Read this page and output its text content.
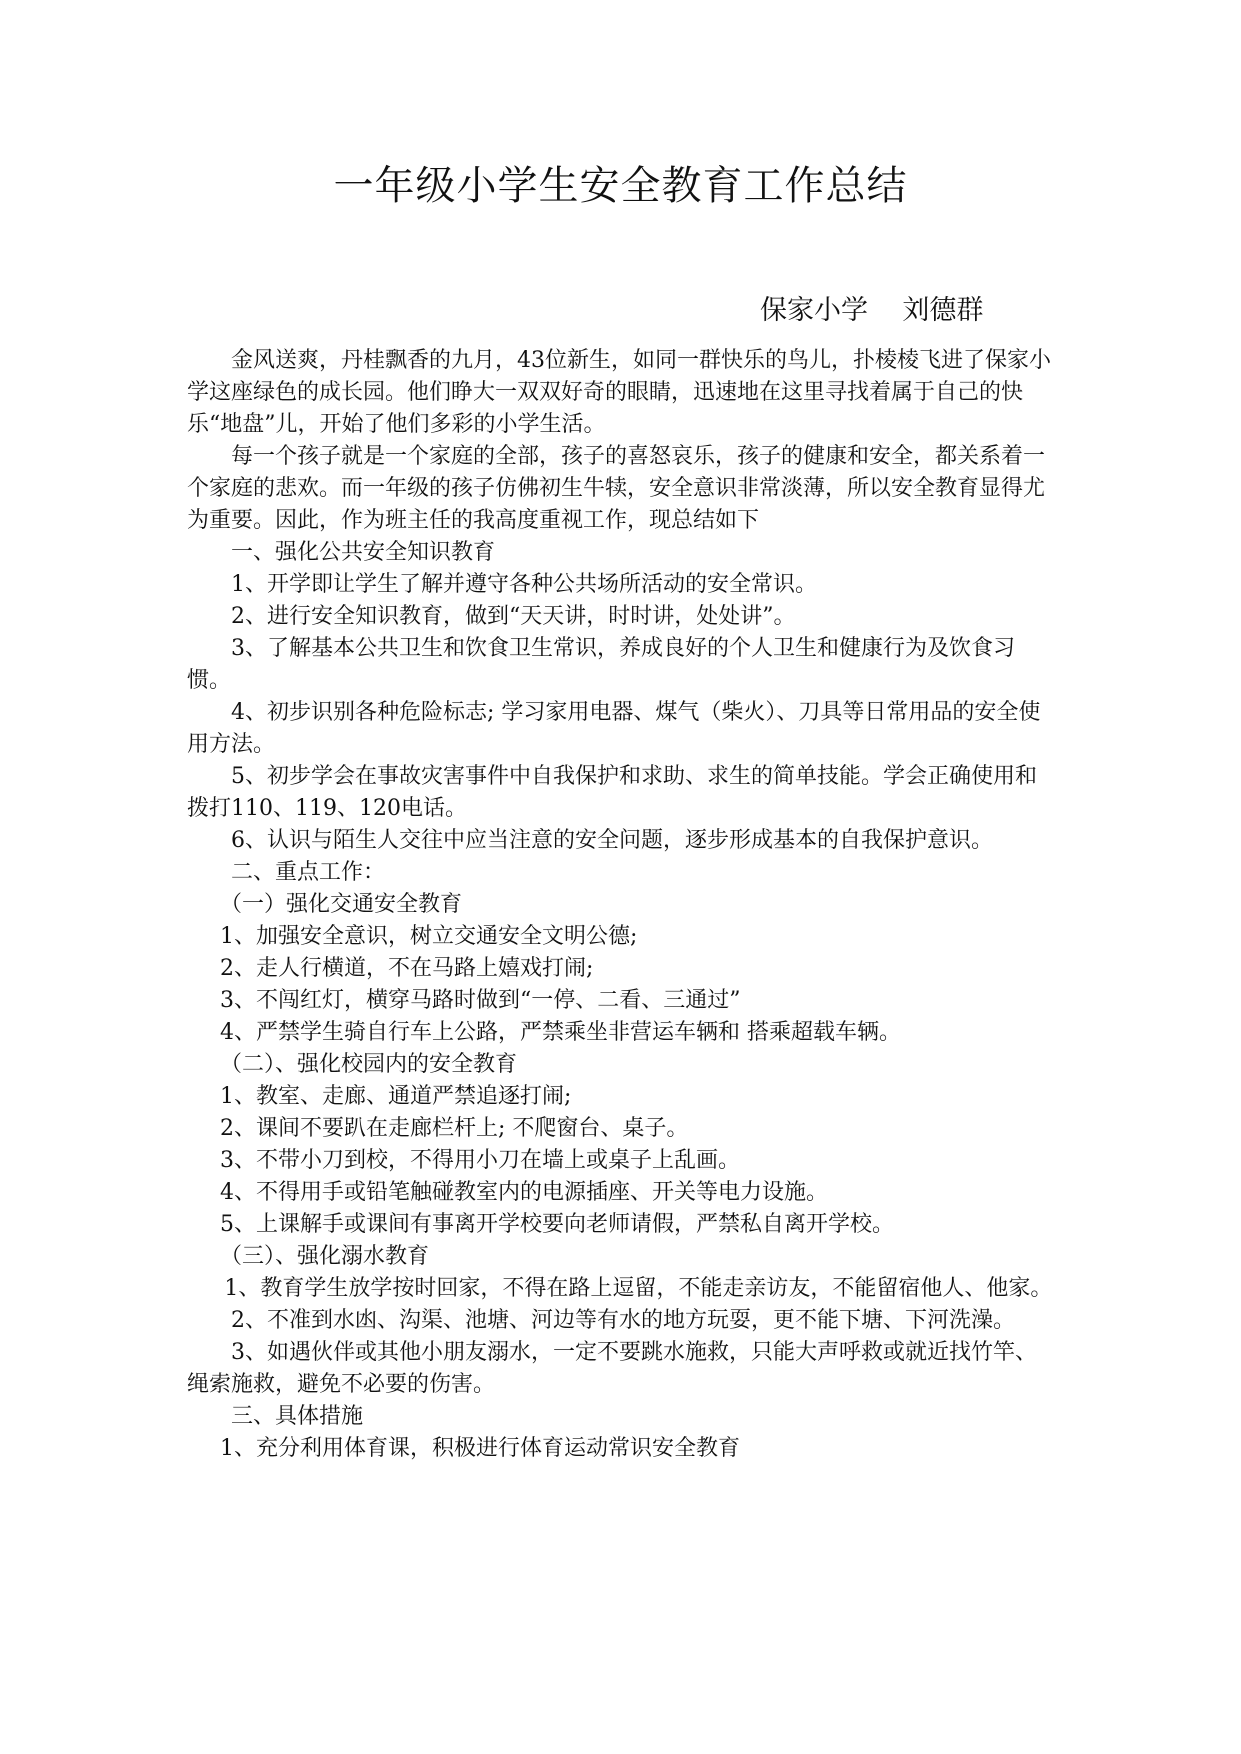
一年级小学生安全教育工作总结
保家小学    刘德群

金风送爽，丹桂飘香的九月，43位新生，如同一群快乐的鸟儿，扑棱棱飞进了保家小学这座绿色的成长园。他们睁大一双双好奇的眼睛，迅速地在这里寻找着属于自己的快乐“地盘”儿，开始了他们多彩的小学生活。

每一个孩子就是一个家庭的全部，孩子的喜怒哀乐，孩子的健康和安全，都关系着一个家庭的悲欢。而一年级的孩子仿佛初生牛犊，安全意识非常淡薄，所以安全教育显得尤为重要。因此，作为班主任的我高度重视工作，现总结如下

一、强化公共安全知识教育

1、开学即让学生了解并遵守各种公共场所活动的安全常识。

2、进行安全知识教育，做到“天天讲，时时讲，处处讲”。

3、了解基本公共卫生和饮食卫生常识，养成良好的个人卫生和健康行为及饮食习惯。

4、初步识别各种危险标志; 学习家用电器、煤气（柴火）、刀具等日常用品的安全使用方法。

5、初步学会在事故灾害事件中自我保护和求助、求生的简单技能。学会正确使用和拨打110、119、120电话。

6、认识与陌生人交往中应当注意的安全问题，逐步形成基本的自我保护意识。

二、重点工作：

（一）强化交通安全教育

1、加强安全意识，树立交通安全文明公德;

2、走人行横道，不在马路上嬉戏打闹;

3、不闯红灯，横穿马路时做到“一停、二看、三通过”

4、严禁学生骑自行车上公路，严禁乘坐非营运车辆和 搭乘超载车辆。

（二）、强化校园内的安全教育

1、教室、走廊、通道严禁追逐打闹;

2、课间不要趴在走廊栏杆上; 不爬窗台、桌子。

3、不带小刀到校，不得用小刀在墙上或桌子上乱画。

4、不得用手或铅笔触碰教室内的电源插座、开关等电力设施。

5、上课解手或课间有事离开学校要向老师请假，严禁私自离开学校。

（三）、强化溺水教育

1、教育学生放学按时回家，不得在路上逗留，不能走亲访友，不能留宿他人、他家。

2、不准到水凼、沟渠、池塘、河边等有水的地方玩耍，更不能下塘、下河洗澡。

3、如遇伙伴或其他小朋友溺水，一定不要跳水施救，只能大声呼救或就近找竹竿、绳索施救，避免不必要的伤害。

三、具体措施

1、充分利用体育课，积极进行体育运动常识安全教育
